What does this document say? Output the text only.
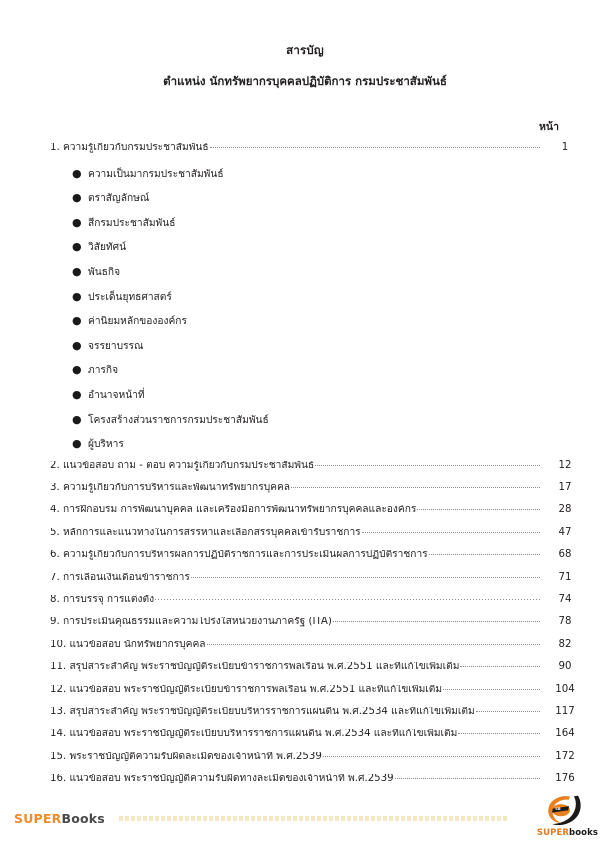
สารบัญ
ตำแหน่ง นักทรัพยากรบุคคลปฏิบัติการ กรมประชาสัมพันธ์
หน้า
1. ความรู้เกี่ยวกับกรมประชาสัมพันธ์	1
● ความเป็นมากรมประชาสัมพันธ์
● ตราสัญลักษณ์
● สีกรมประชาสัมพันธ์
● วิสัยทัศน์
● พันธกิจ
● ประเด็นยุทธศาสตร์
● ค่านิยมหลักขององค์กร
● จรรยาบรรณ
● ภารกิจ
● อำนาจหน้าที่
● โครงสร้างส่วนราชการกรมประชาสัมพันธ์
● ผู้บริหาร
2. แนวข้อสอบ ถาม - ตอบ ความรู้เกี่ยวกับกรมประชาสัมพันธ์	12
3. ความรู้เกี่ยวกับการบริหารและพัฒนาทรัพยากรบุคคล	17
4. การฝึกอบรม การพัฒนาบุคคล และเครื่องมือการพัฒนาทรัพยากรบุคคลและองค์กร	28
5. หลักการและแนวทางในการสรรหาและเลือกสรรบุคคลเข้ารับราชการ	47
6. ความรู้เกี่ยวกับการบริหารผลการปฏิบัติราชการและการประเมินผลการปฏิบัติราชการ	68
7. การเลื่อนเงินเดือนข้าราชการ	71
8. การบรรจุ การแต่งตั้ง	74
9. การประเมินคุณธรรมและความโปร่งใสหน่วยงานภาครัฐ (ITA)	78
10. แนวข้อสอบ นักทรัพยากรบุคคล	82
11. สรุปสาระสำคัญ พระราชบัญญัติระเบียบข้าราชการพลเรือน พ.ศ.2551 และที่แก้ไขเพิ่มเติม	90
12. แนวข้อสอบ พระราชบัญญัติระเบียบข้าราชการพลเรือน พ.ศ.2551 และที่แก้ไขเพิ่มเติม	104
13. สรุปสาระสำคัญ พระราชบัญญัติระเบียบบริหารราชการแผ่นดิน พ.ศ.2534 และที่แก้ไขเพิ่มเติม	117
14. แนวข้อสอบ พระราชบัญญัติระเบียบบริหารราชการแผ่นดิน พ.ศ.2534 และที่แก้ไขเพิ่มเติม	164
15. พระราชบัญญัติความรับผิดละเมิดของเจ้าหน้าที่ พ.ศ.2539	172
16. แนวข้อสอบ พระราชบัญญัติความรับผิดทางละเมิดของเจ้าหน้าที่ พ.ศ.2539	176
SUPERBooks
SB
SUPERbooks
